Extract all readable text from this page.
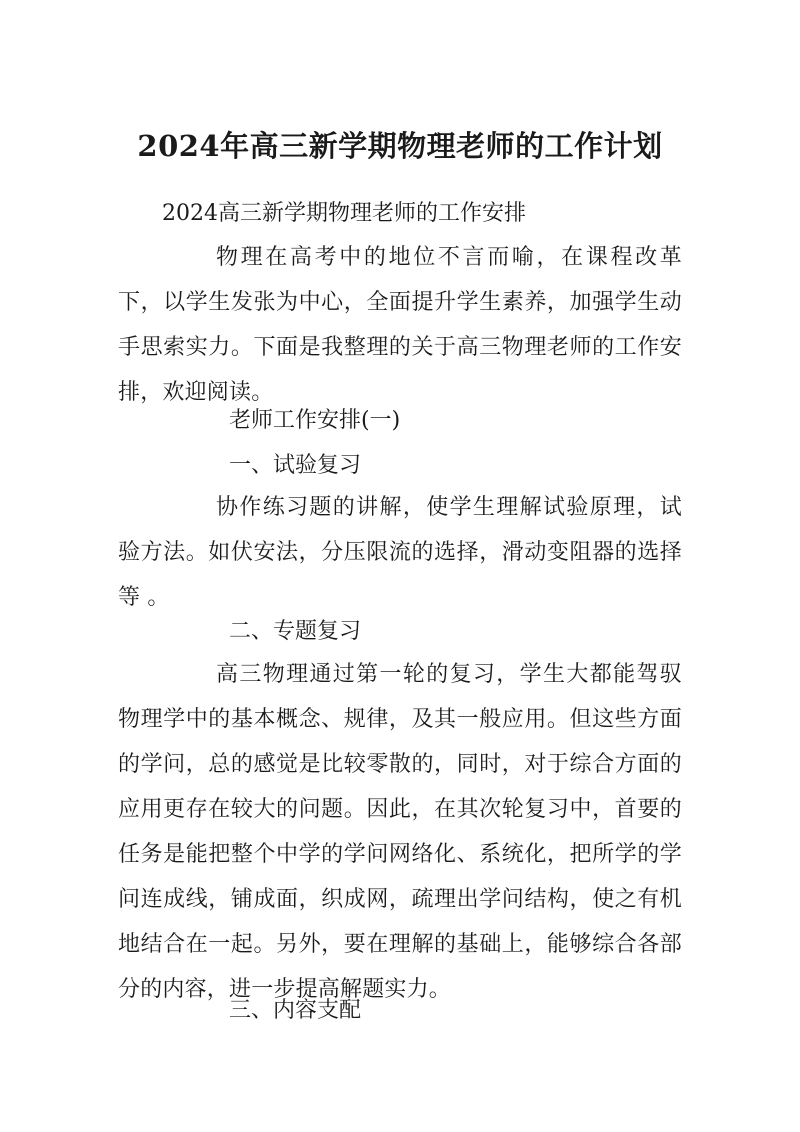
2024年高三新学期物理老师的工作计划

2024高三新学期物理老师的工作安排

物理在高考中的地位不言而喻，在课程改革下，以学生发张为中心，全面提升学生素养，加强学生动手思索实力。下面是我整理的关于高三物理老师的工作安排，欢迎阅读。

老师工作安排(一)

一、试验复习

协作练习题的讲解，使学生理解试验原理，试验方法。如伏安法，分压限流的选择，滑动变阻器的选择等 。

二、专题复习

高三物理通过第一轮的复习，学生大都能驾驭物理学中的基本概念、规律，及其一般应用。但这些方面的学问，总的感觉是比较零散的，同时，对于综合方面的应用更存在较大的问题。因此，在其次轮复习中，首要的任务是能把整个中学的学问网络化、系统化，把所学的学问连成线，铺成面，织成网，疏理出学问结构，使之有机地结合在一起。另外，要在理解的基础上，能够综合各部分的内容，进一步提高解题实力。

三、内容支配
